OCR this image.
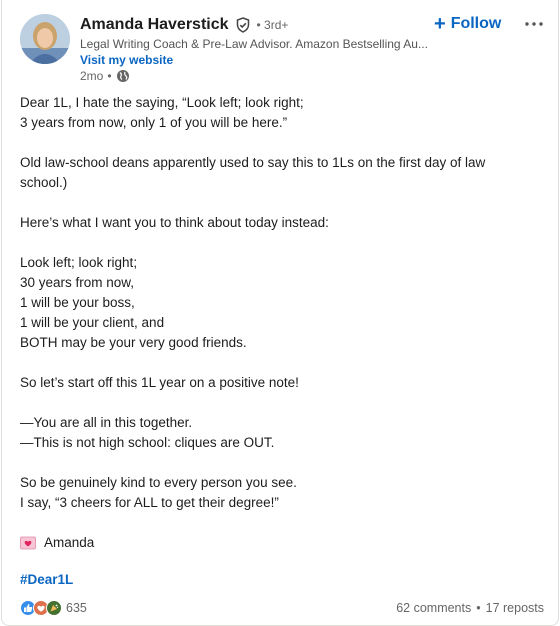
Amanda Haverstick • 3rd+
Legal Writing Coach & Pre-Law Advisor. Amazon Bestselling Au...
Visit my website
2mo •
+ Follow

Dear 1L, I hate the saying, “Look left; look right;

3 years from now, only 1 of you will be here.”

Old law-school deans apparently used to say this to 1Ls on the first day of law

school.)

Here’s what I want you to think about today instead:

Look left; look right;

30 years from now,

1 will be your boss,

1 will be your client, and

BOTH may be your very good friends.

So let’s start off this 1L year on a positive note!

—You are all in this together.

—This is not high school: cliques are OUT.

So be genuinely kind to every person you see.

I say, “3 cheers for ALL to get their degree!”

Amanda
#Dear1L
635	62 comments • 17 reposts
